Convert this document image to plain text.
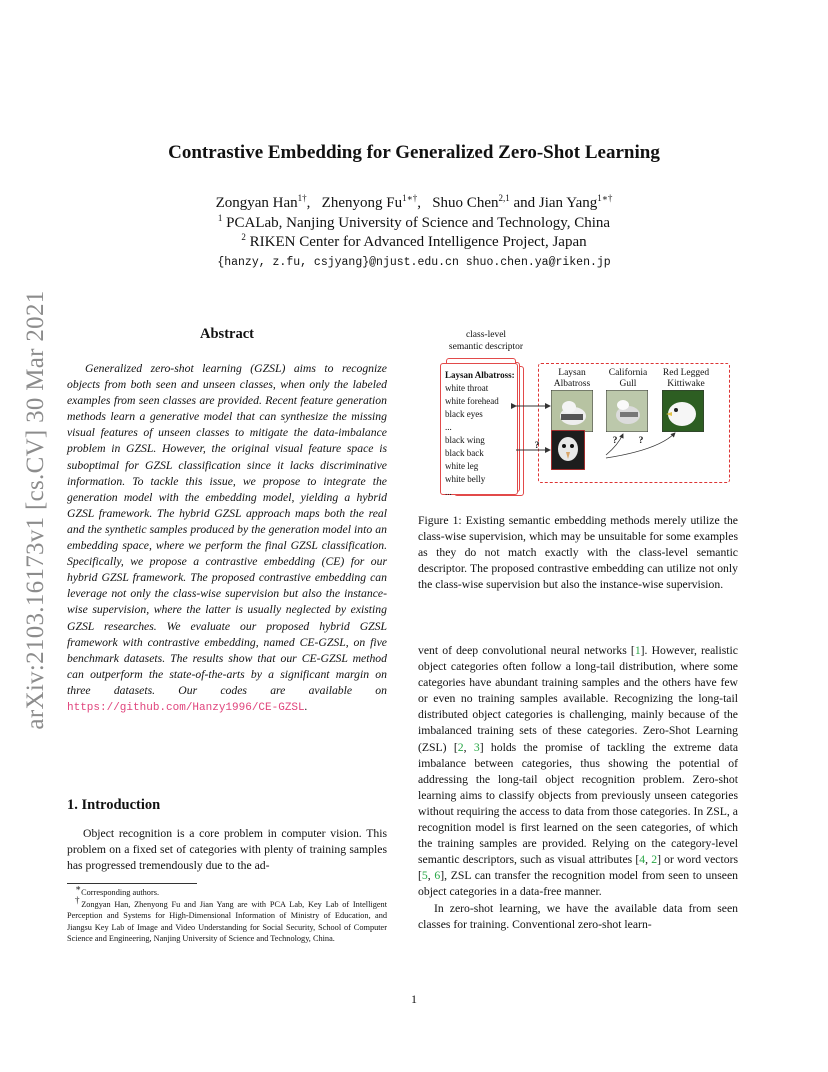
arXiv:2103.16173v1 [cs.CV] 30 Mar 2021
Contrastive Embedding for Generalized Zero-Shot Learning
Zongyan Han$^{1\dagger}$,   Zhenyong $Fu^{1∗\dagger}$,   Shuo Chen$^{2,1}$ and Jian Yang$^{1∗\dagger}$
$^1$ PCALab, Nanjing University of Science and Technology, China
$^2$ RIKEN Center for Advanced Intelligence Project, Japan
{hanzy, z.fu, csjyang}@njust.edu.cn shuo.chen.ya@riken.jp
Abstract

Generalized zero-shot learning (GZSL) aims to recognize objects from both seen and unseen classes, when only the labeled examples from seen classes are provided. Recent feature generation methods learn a generative model that can synthesize the missing visual features of unseen classes to mitigate the data-imbalance problem in GZSL. However, the original visual feature space is suboptimal for GZSL classification since it lacks discriminative information. To tackle this issue, we propose to integrate the generation model with the embedding model, yielding a hybrid GZSL framework. The hybrid GZSL approach maps both the real and the synthetic samples produced by the generation model into an embedding space, where we perform the final GZSL classification. Specifically, we propose a contrastive embedding (CE) for our hybrid GZSL framework. The proposed contrastive embedding can leverage not only the class-wise supervision but also the instance-wise supervision, where the latter is usually neglected by existing GZSL researches. We evaluate our proposed hybrid GZSL framework with contrastive embedding, named CE-GZSL, on five benchmark datasets. The results show that our CE-GZSL method can outperform the state-of-the-arts by a significant margin on three datasets. Our codes are available on https://github.com/Hanzy1996/CE-GZSL.

1. Introduction

Object recognition is a core problem in computer vision. This problem on a fixed set of categories with plenty of training samples has progressed tremendously due to the ad-

∗Corresponding authors.

†Zongyan Han, Zhenyong Fu and Jian Yang are with PCA Lab, Key Lab of Intelligent Perception and Systems for High-Dimensional Information of Ministry of Education, and Jiangsu Key Lab of Image and Video Understanding for Social Security, School of Computer Science and Engineering, Nanjing University of Science and Technology, China.

class-level
semantic descriptor
Laysan Albatross:
white throat
white forehead
black eyes
...
black wing
black back
white leg
white belly
...
Laysan
Albatross
California
Gull
Red Legged
Kittiwake
?	? ?
Figure 1: Existing semantic embedding methods merely utilize the class-wise supervision, which may be unsuitable for some examples as they do not match exactly with the class-level semantic descriptor. The proposed contrastive embedding can utilize not only the class-wise supervision but also the instance-wise supervision.

vent of deep convolutional neural networks [1]. However, realistic object categories often follow a long-tail distribution, where some categories have abundant training samples and the others have few or even no training samples available. Recognizing the long-tail distributed object categories is challenging, mainly because of the imbalanced training sets of these categories. Zero-Shot Learning (ZSL) [2, 3] holds the promise of tackling the extreme data imbalance between categories, thus showing the potential of addressing the long-tail object recognition problem. Zero-shot learning aims to classify objects from previously unseen categories without requiring the access to data from those categories. In ZSL, a recognition model is first learned on the seen categories, of which the training samples are provided. Relying on the category-level semantic descriptors, such as visual attributes [4, 2] or word vectors [5, 6], ZSL can transfer the recognition model from seen to unseen object categories in a data-free manner.

In zero-shot learning, we have the available data from seen classes for training. Conventional zero-shot learn-

1
